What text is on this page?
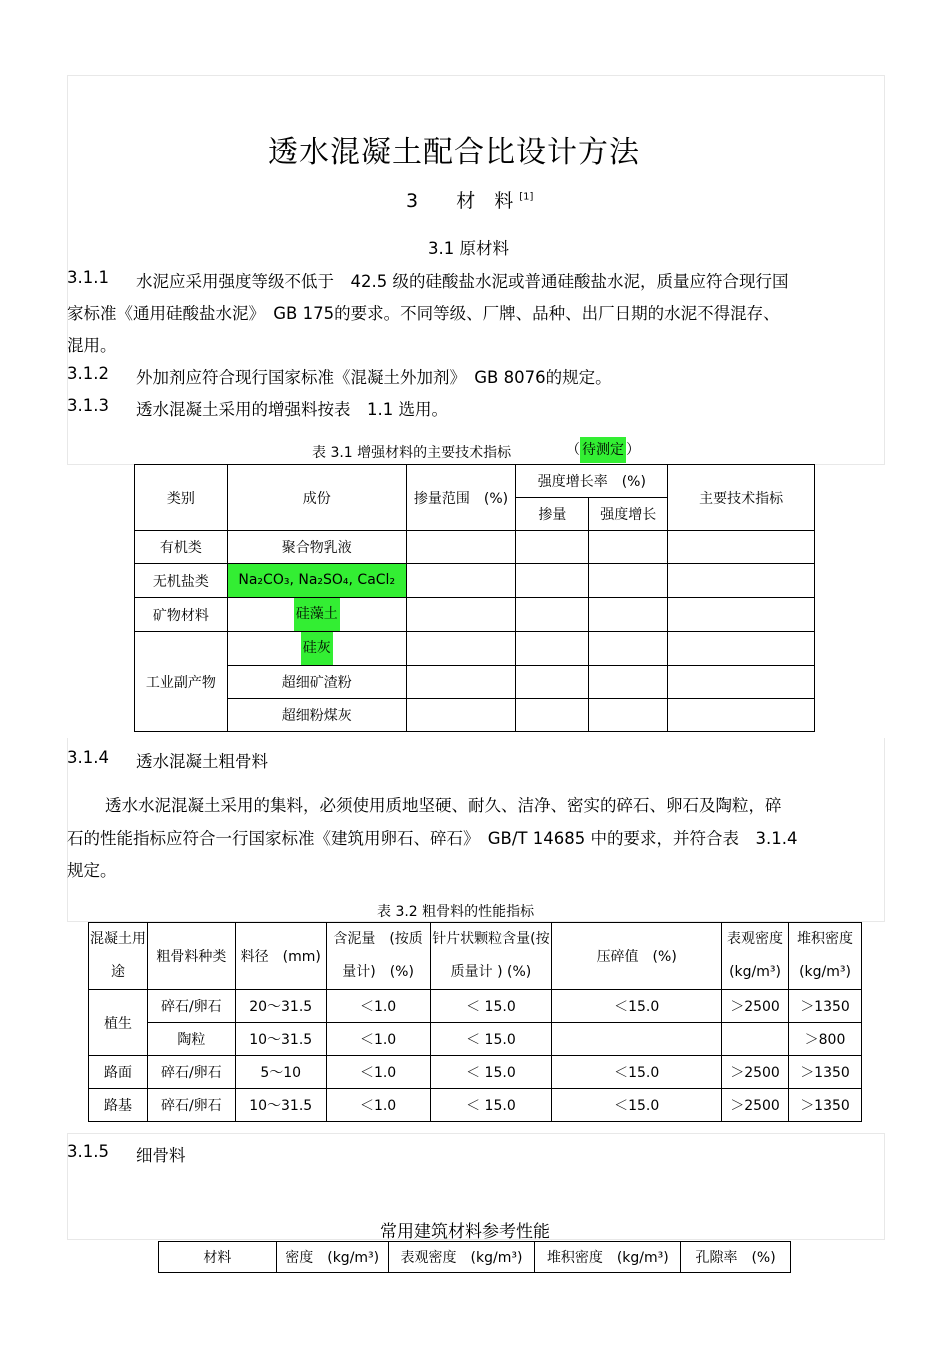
透水混凝土配合比设计方法
3 材　料 [1]
3.1 原材料
3.1.1 水泥应采用强度等级不低于　42.5 级的硅酸盐水泥或普通硅酸盐水泥，质量应符合现行国
家标准《通用硅酸盐水泥》　GB 175的要求。不同等级、厂牌、品种、出厂日期的水泥不得混存、
混用。
3.1.2 外加剂应符合现行国家标准《混凝土外加剂》　GB 8076的规定。
3.1.3 透水混凝土采用的增强料按表　1.1 选用。
表 3.1 增强材料的主要技术指标	（ 待测定 ）
类别	成份	掺量范围　(%)	强度增长率　(%)		主要技术指标
			掺量	强度增长	
有机类	聚合物乳液				
无机盐类	Na₂CO₃, Na₂SO₄, CaCl₂				

矿物材料	硅藻土				
工业副产物	硅灰				
	超细矿渣粉				
	超细粉煤灰				
3.1.4 透水混凝土粗骨料
透水水泥混凝土采用的集料，必须使用质地坚硬、耐久、洁净、密实的碎石、卵石及陶粒，碎
石的性能指标应符合一行国家标准《建筑用卵石、碎石》　GB/T 14685 中的要求，并符合表　3.1.4
规定。
表 3.2 粗骨料的性能指标
混凝土用途	粗骨料种类	料径　(mm)	含泥量　(按质量计)　(%)	针片状颗粒含量(按质量计 ) (%)	压碎值　(%)	表观密度(kg/m³)	堆积密度(kg/m³)
植生	碎石/卵石	20～31.5	＜1.0	＜ 15.0	＜15.0	＞2500	＞1350
	陶粒	10～31.5	＜1.0	＜ 15.0			＞800
路面	碎石/卵石	5～10	＜1.0	＜ 15.0	＜15.0	＞2500	＞1350
路基	碎石/卵石	10～31.5	＜1.0	＜ 15.0	＜15.0	＞2500	＞1350
3.1.5 细骨料
常用建筑材料参考性能
材料	密度　(kg/m³)	表观密度　(kg/m³)	堆积密度　(kg/m³)	孔隙率　(%)
